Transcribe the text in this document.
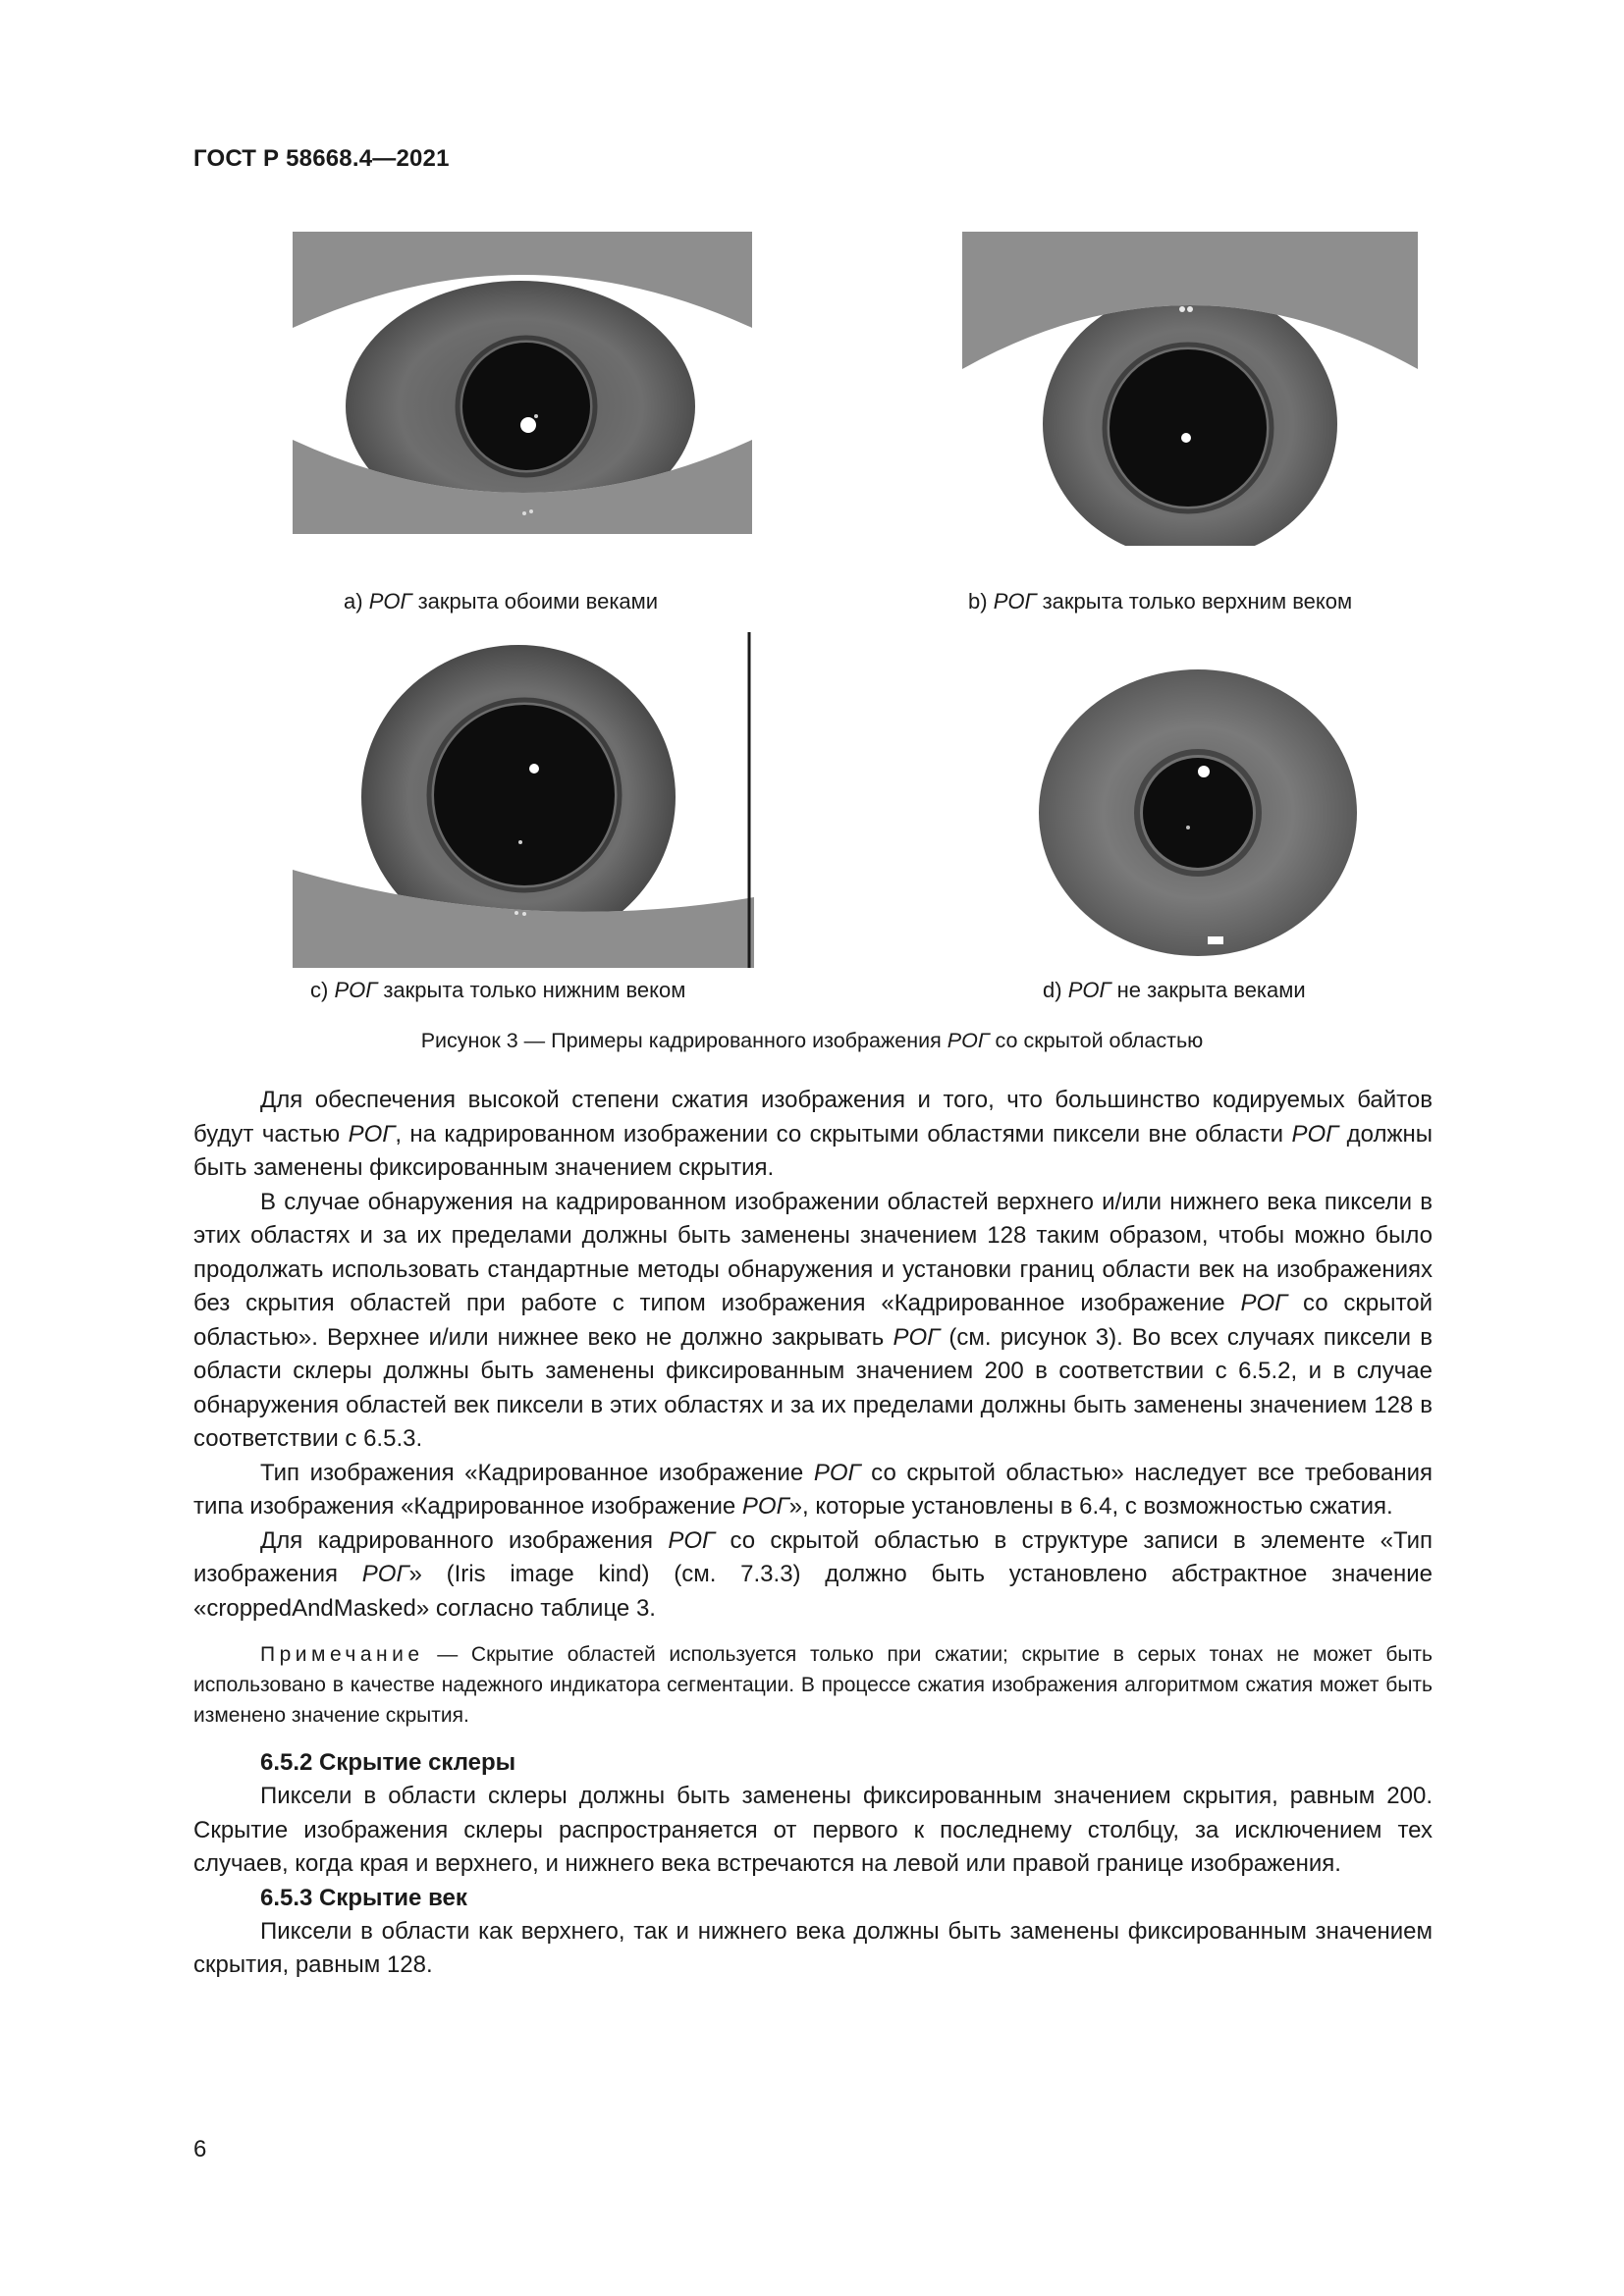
ГОСТ Р 58668.4—2021
a) РОГ закрыта обоими веками	b) РОГ закрыта только верхним веком
c) РОГ закрыта только нижним веком	d) РОГ не закрыта веками
Рисунок 3 — Примеры кадрированного изображения РОГ со скрытой областью

Для обеспечения высокой степени сжатия изображения и того, что большинство кодируемых байтов будут частью РОГ, на кадрированном изображении со скрытыми областями пиксели вне области РОГ должны быть заменены фиксированным значением скрытия.

В случае обнаружения на кадрированном изображении областей верхнего и/или нижнего века пиксели в этих областях и за их пределами должны быть заменены значением 128 таким образом, чтобы можно было продолжать использовать стандартные методы обнаружения и установки границ области век на изображениях без скрытия областей при работе с типом изображения «Кадрированное изображение РОГ со скрытой областью». Верхнее и/или нижнее веко не должно закрывать РОГ (см. рисунок 3). Во всех случаях пиксели в области склеры должны быть заменены фиксированным значением 200 в соответствии с 6.5.2, и в случае обнаружения областей век пиксели в этих областях и за их пределами должны быть заменены значением 128 в соответствии с 6.5.3.

Тип изображения «Кадрированное изображение РОГ со скрытой областью» наследует все требования типа изображения «Кадрированное изображение РОГ», которые установлены в 6.4, с возможностью сжатия.

Для кадрированного изображения РОГ со скрытой областью в структуре записи в элементе «Тип изображения РОГ» (Iris image kind) (см. 7.3.3) должно быть установлено абстрактное значение «croppedAndMasked» согласно таблице 3.

Примечание — Скрытие областей используется только при сжатии; скрытие в серых тонах не может быть использовано в качестве надежного индикатора сегментации. В процессе сжатия изображения алгоритмом сжатия может быть изменено значение скрытия.

6.5.2 Скрытие склеры

Пиксели в области склеры должны быть заменены фиксированным значением скрытия, равным 200. Скрытие изображения склеры распространяется от первого к последнему столбцу, за исключением тех случаев, когда края и верхнего, и нижнего века встречаются на левой или правой границе изображения.

6.5.3 Скрытие век

Пиксели в области как верхнего, так и нижнего века должны быть заменены фиксированным значением скрытия, равным 128.

6
